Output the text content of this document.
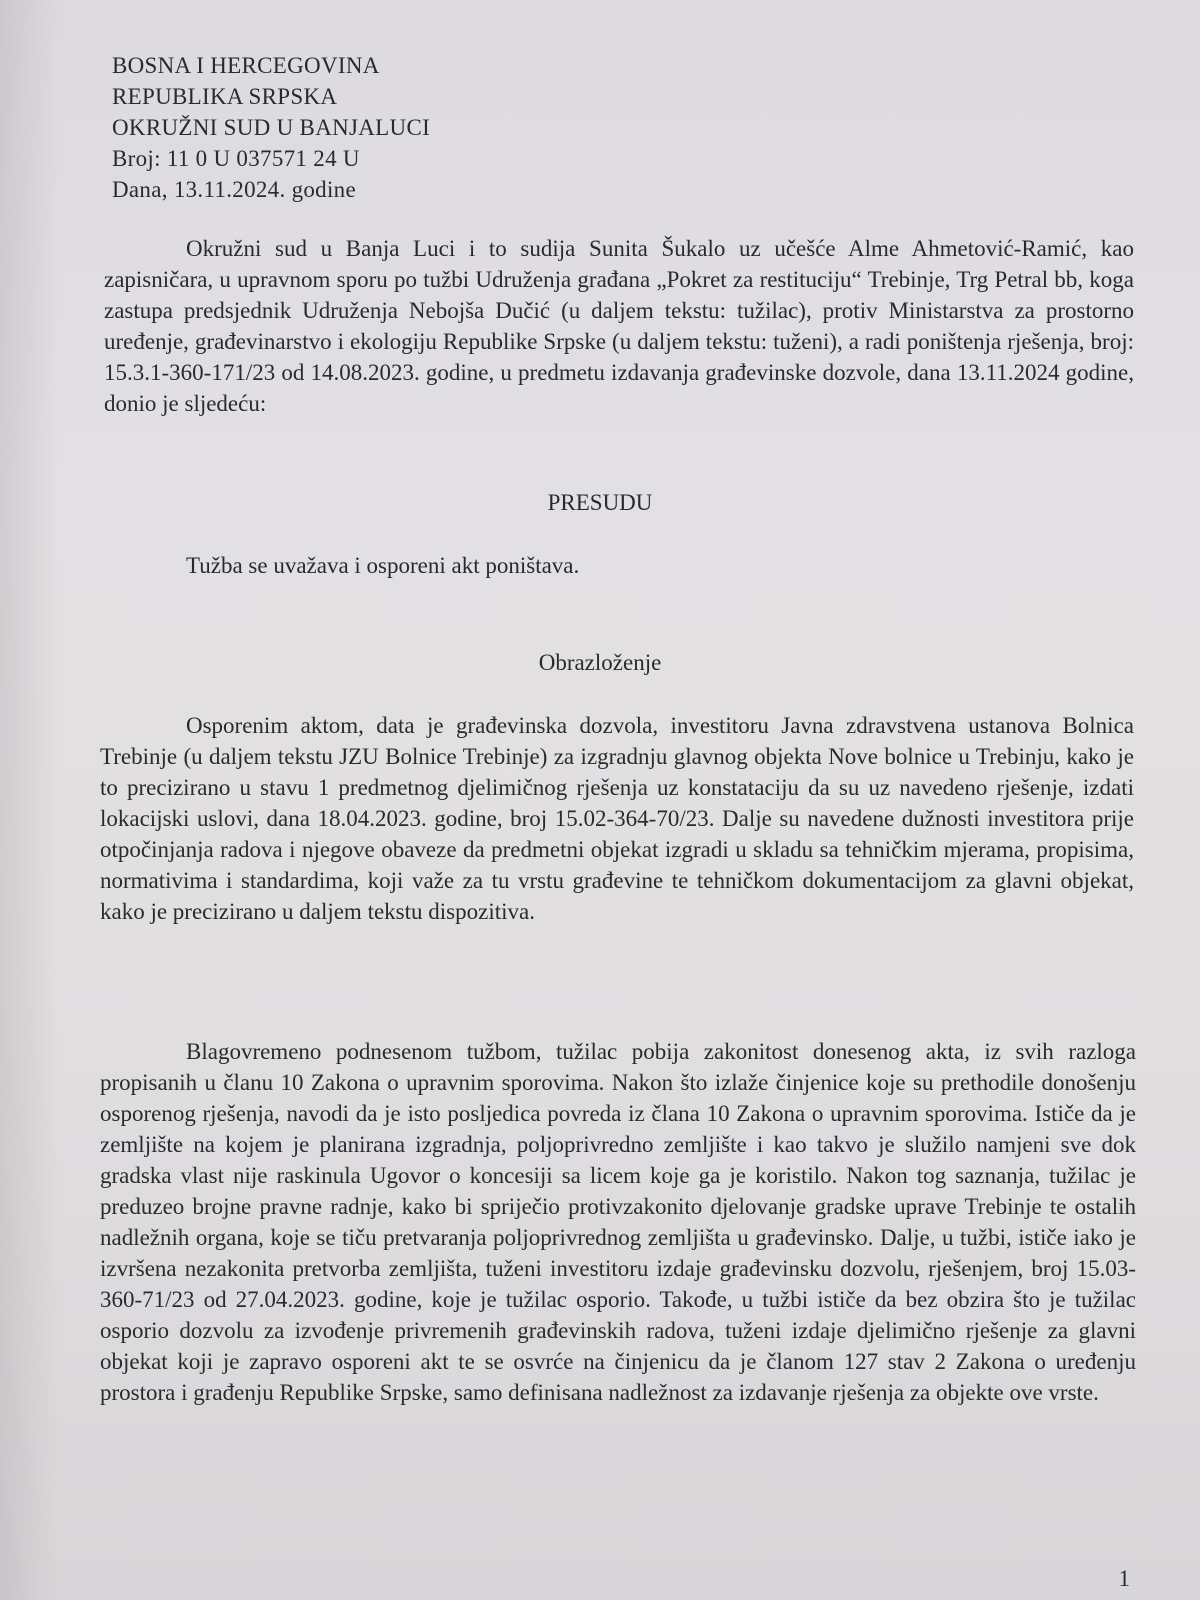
BOSNA I HERCEGOVINA
REPUBLIKA SRPSKA
OKRUŽNI SUD U BANJALUCI
Broj: 11 0 U 037571 24 U
Dana, 13.11.2024. godine
Okružni sud u Banja Luci i to sudija Sunita Šukalo uz učešće Alme Ahmetović-Ramić, kao zapisničara, u upravnom sporu po tužbi Udruženja građana „Pokret za restituciju“ Trebinje, Trg Petral bb, koga zastupa predsjednik Udruženja Nebojša Dučić (u daljem tekstu: tužilac), protiv Ministarstva za prostorno uređenje, građevinarstvo i ekologiju Republike Srpske (u daljem tekstu: tuženi), a radi poništenja rješenja, broj: 15.3.1-360-171/23 od 14.08.2023. godine, u predmetu izdavanja građevinske dozvole, dana 13.11.2024 godine, donio je sljedeću:
PRESUDU
Tužba se uvažava i osporeni akt poništava.
Obrazloženje
Osporenim aktom, data je građevinska dozvola, investitoru Javna zdravstvena ustanova Bolnica Trebinje (u daljem tekstu JZU Bolnice Trebinje) za izgradnju glavnog objekta Nove bolnice u Trebinju, kako je to precizirano u stavu 1 predmetnog djelimičnog rješenja uz konstataciju da su uz navedeno rješenje, izdati lokacijski uslovi, dana 18.04.2023. godine, broj 15.02-364-70/23. Dalje su navedene dužnosti investitora prije otpočinjanja radova i njegove obaveze da predmetni objekat izgradi u skladu sa tehničkim mjerama, propisima, normativima i standardima, koji važe za tu vrstu građevine te tehničkom dokumentacijom za glavni objekat, kako je precizirano u daljem tekstu dispozitiva.
Blagovremeno podnesenom tužbom, tužilac pobija zakonitost donesenog akta, iz svih razloga propisanih u članu 10 Zakona o upravnim sporovima. Nakon što izlaže činjenice koje su prethodile donošenju osporenog rješenja, navodi da je isto posljedica povreda iz člana 10 Zakona o upravnim sporovima. Ističe da je zemljište na kojem je planirana izgradnja, poljoprivredno zemljište i kao takvo je služilo namjeni sve dok gradska vlast nije raskinula Ugovor o koncesiji sa licem koje ga je koristilo. Nakon tog saznanja, tužilac je preduzeo brojne pravne radnje, kako bi spriječio protivzakonito djelovanje gradske uprave Trebinje te ostalih nadležnih organa, koje se tiču pretvaranja poljoprivrednog zemljišta u građevinsko. Dalje, u tužbi, ističe iako je izvršena nezakonita pretvorba zemljišta, tuženi investitoru izdaje građevinsku dozvolu, rješenjem, broj 15.03-360-71/23 od 27.04.2023. godine, koje je tužilac osporio. Takođe, u tužbi ističe da bez obzira što je tužilac osporio dozvolu za izvođenje privremenih građevinskih radova, tuženi izdaje djelimično rješenje za glavni objekat koji je zapravo osporeni akt te se osvrće na činjenicu da je članom 127 stav 2 Zakona o uređenju prostora i građenju Republike Srpske, samo definisana nadležnost za izdavanje rješenja za objekte ove vrste.
1
